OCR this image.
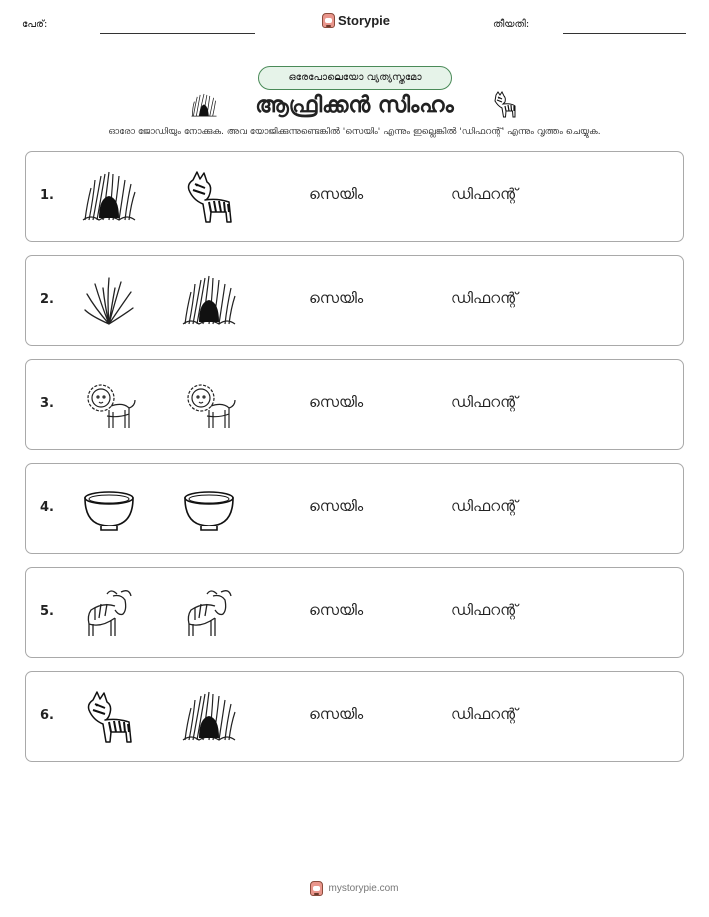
പേര്:	Storypie	തീയതി:
ഒരേപോലെയോ വ്യത്യസ്തമോ
ആഫ്രിക്കൻ സിംഹം
ഓരോ ജോഡിയും നോക്കുക. അവ യോജിക്കുന്നുണ്ടെങ്കിൽ 'സെയിം' എന്നും ഇല്ലെങ്കിൽ 'ഡിഫറന്റ്' എന്നും വൃത്തം ചെയ്യുക.
1.	സെയിം	ഡിഫറന്റ്
2.	സെയിം	ഡിഫറന്റ്
3.	സെയിം	ഡിഫറന്റ്
4.	സെയിം	ഡിഫറന്റ്
5.	സെയിം	ഡിഫറന്റ്
6.	സെയിം	ഡിഫറന്റ്
mystorypie.com
